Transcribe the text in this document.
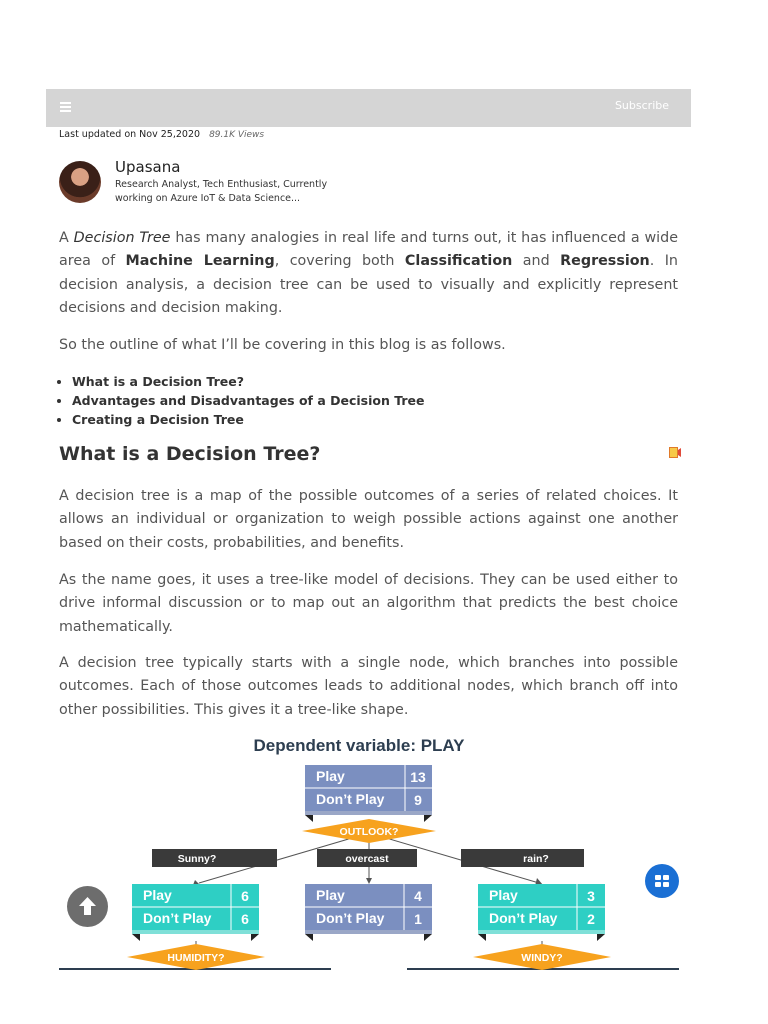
Subscribe
Last updated on Nov 25,2020 89.1K Views
Upasana
Research Analyst, Tech Enthusiast, Currently working on Azure IoT & Data Science...

A Decision Tree has many analogies in real life and turns out, it has influenced a wide area of Machine Learning, covering both Classification and Regression. In decision analysis, a decision tree can be used to visually and explicitly represent decisions and decision making.

So the outline of what I’ll be covering in this blog is as follows.

• What is a Decision Tree?
• Advantages and Disadvantages of a Decision Tree
• Creating a Decision Tree
What is a Decision Tree?

A decision tree is a map of the possible outcomes of a series of related choices. It allows an individual or organization to weigh possible actions against one another based on their costs, probabilities, and benefits.

As the name goes, it uses a tree-like model of decisions. They can be used either to drive informal discussion or to map out an algorithm that predicts the best choice mathematically.

A decision tree typically starts with a single node, which branches into possible outcomes. Each of those outcomes leads to additional nodes, which branch off into other possibilities. This gives it a tree-like shape.

Dependent variable: PLAY
Play	13
Don’t Play 9
OUTLOOK?
Sunny?	overcast	rain?
Play	6
Don’t Play 6
Play	4
Don’t Play 1
Play	3
Don’t Play 2
HUMIDITY?	WINDY?
